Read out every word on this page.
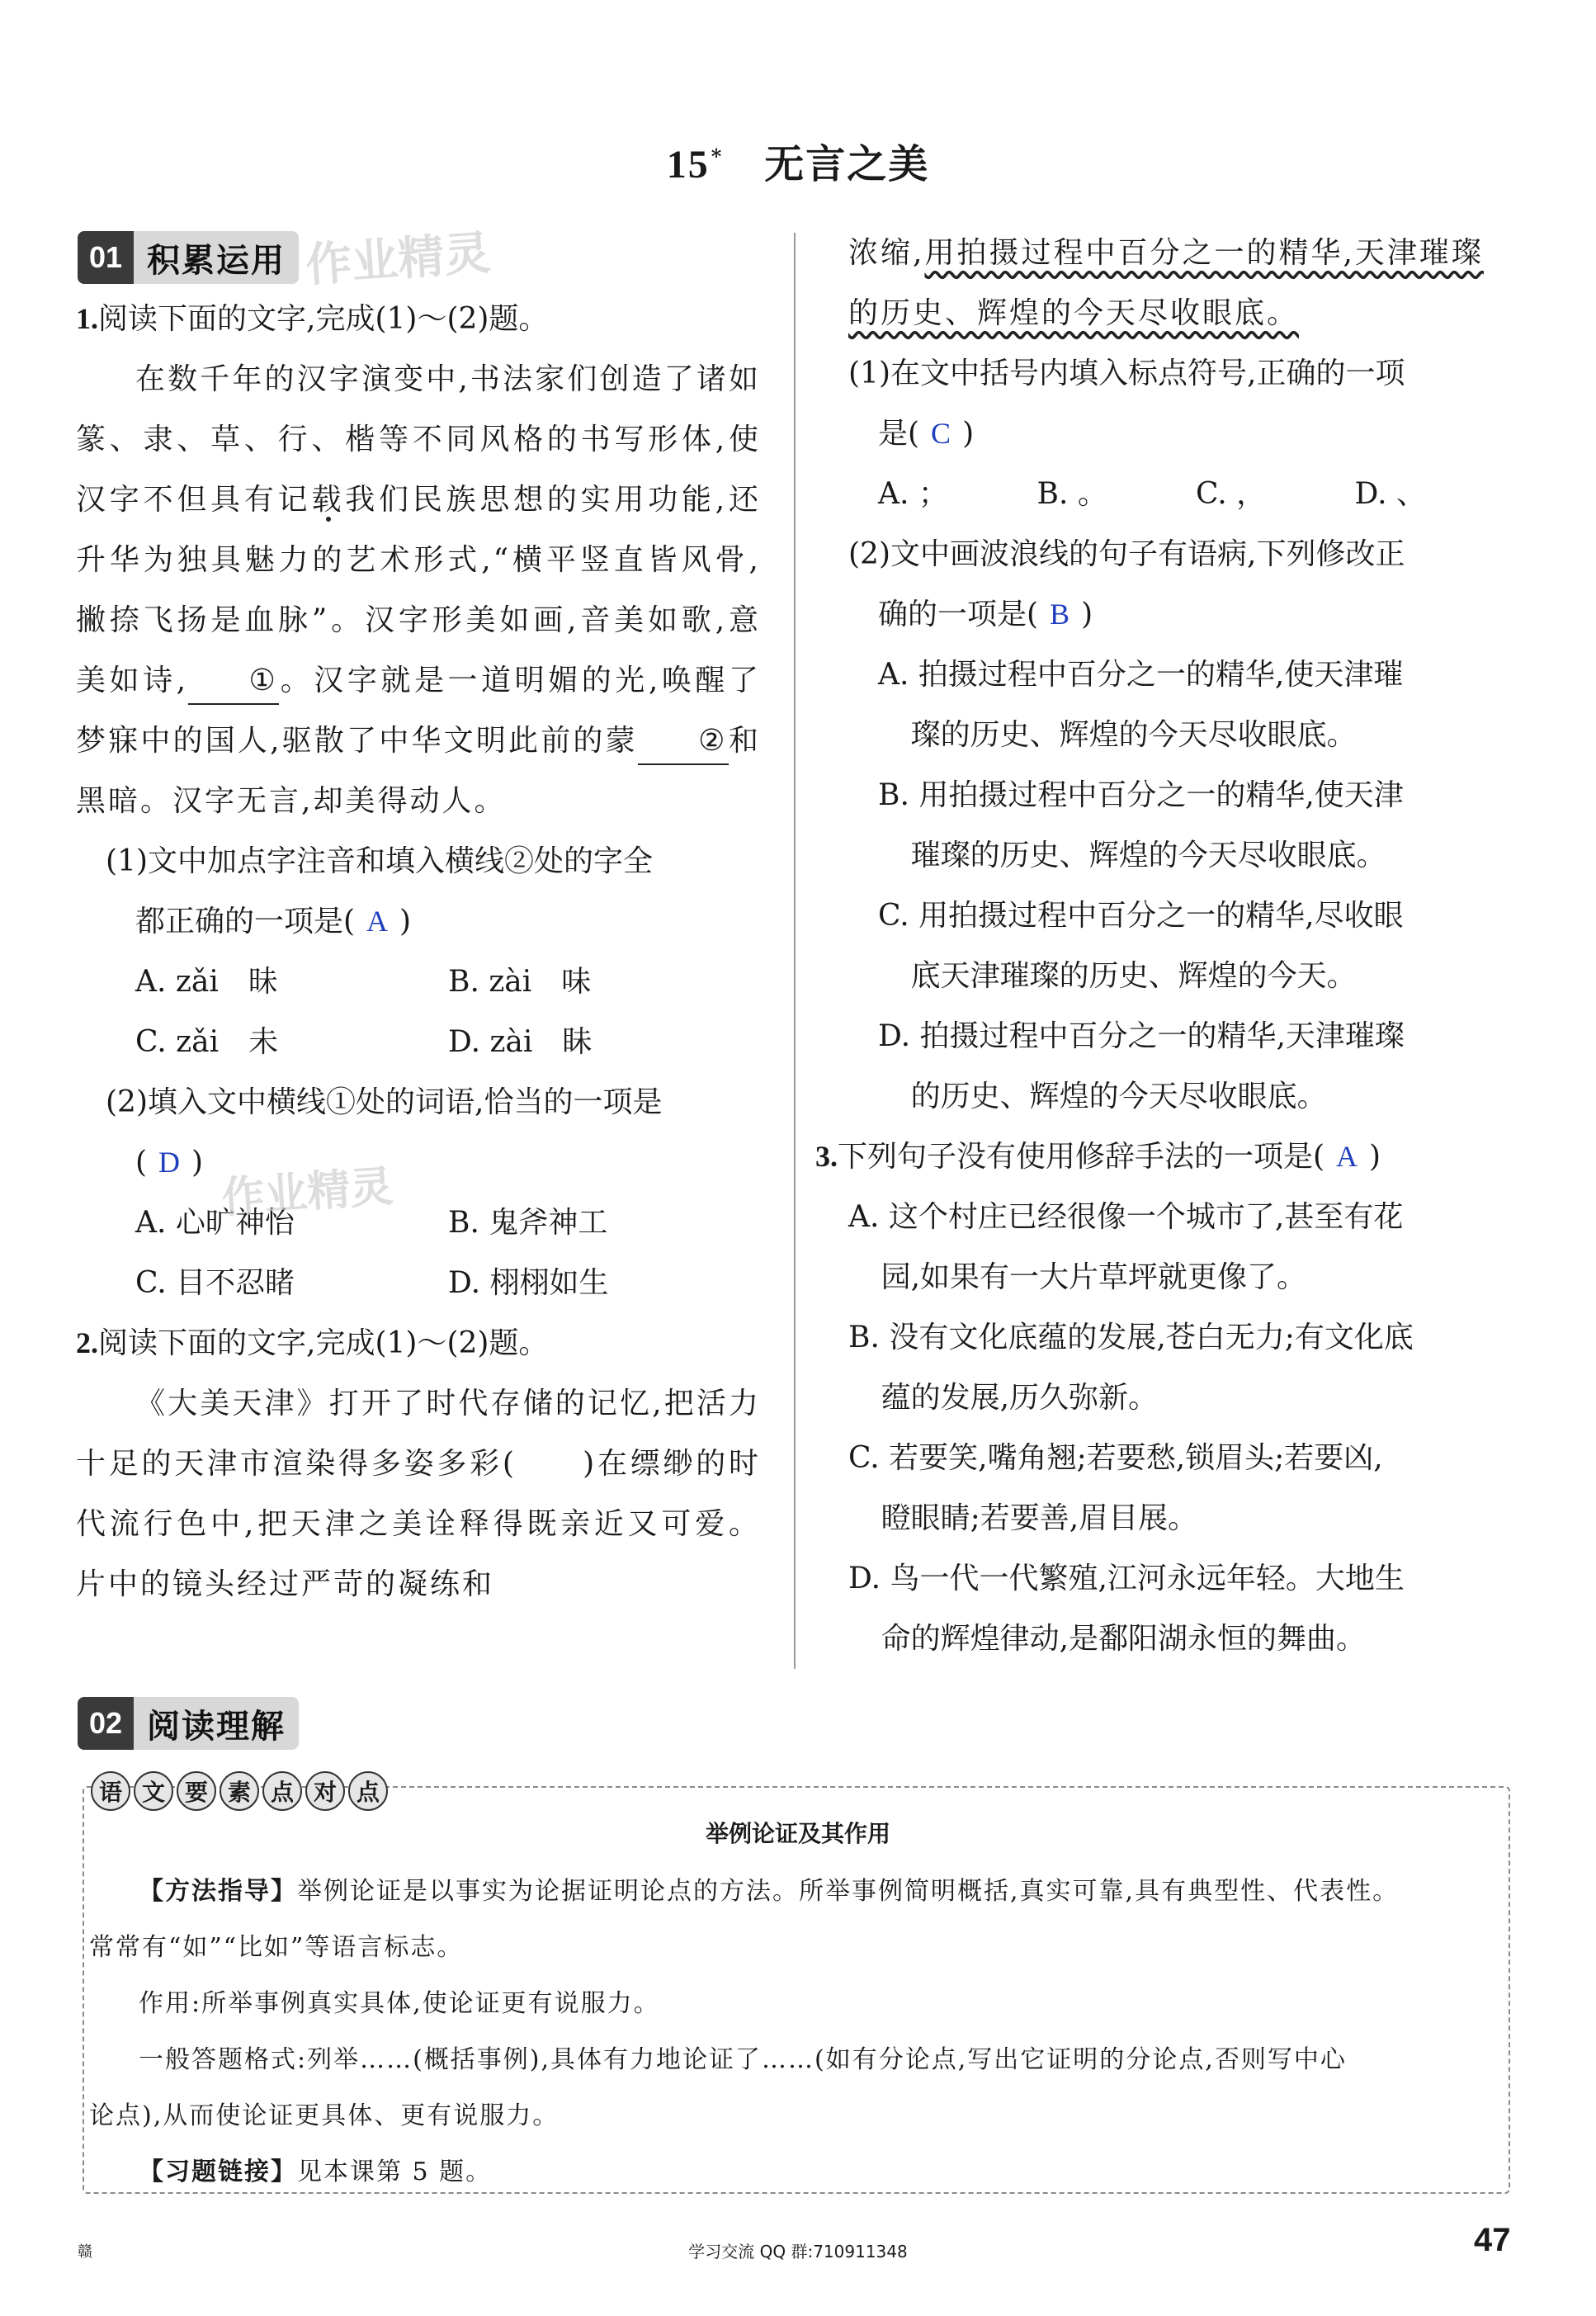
15* 无言之美
01 积累运用 作业精灵

1.阅读下面的文字,完成(1)～(2)题。

在数千年的汉字演变中,书法家们创造了诸如篆、隶、草、行、楷等不同风格的书写形体,使汉字不但具有记载我们民族思想的实用功能,还升华为独具魅力的艺术形式,“横平竖直皆风骨,撇捺飞扬是血脉”。汉字形美如画,音美如歌,意美如诗, ①。汉字就是一道明媚的光,唤醒了梦寐中的国人,驱散了中华文明此前的蒙 ②和黑暗。汉字无言,却美得动人。

(1)文中加点字注音和填入横线②处的字全

都正确的一项是( A )

A. zǎi　昧	B. zài　味
C. zǎi　未	D. zài　眛

(2)填入文中横线①处的词语,恰当的一项是

( D )

A. 心旷神怡	B. 鬼斧神工
C. 目不忍睹	D. 栩栩如生

2.阅读下面的文字,完成(1)～(2)题。

《大美天津》打开了时代存储的记忆,把活力十足的天津市渲染得多姿多彩(　　)在缥缈的时代流行色中,把天津之美诠释得既亲近又可爱。片中的镜头经过严苛的凝练和

作业精灵

浓缩,用拍摄过程中百分之一的精华,天津璀璨的历史、辉煌的今天尽收眼底。

(1)在文中括号内填入标点符号,正确的一项

是( C )

A. ；	B. 。	C. ，	D. 、

(2)文中画波浪线的句子有语病,下列修改正

确的一项是( B )

A. 拍摄过程中百分之一的精华,使天津璀

璨的历史、辉煌的今天尽收眼底。

B. 用拍摄过程中百分之一的精华,使天津

璀璨的历史、辉煌的今天尽收眼底。

C. 用拍摄过程中百分之一的精华,尽收眼

底天津璀璨的历史、辉煌的今天。

D. 拍摄过程中百分之一的精华,天津璀璨

的历史、辉煌的今天尽收眼底。

3.下列句子没有使用修辞手法的一项是( A )

A. 这个村庄已经很像一个城市了,甚至有花

园,如果有一大片草坪就更像了。

B. 没有文化底蕴的发展,苍白无力;有文化底

蕴的发展,历久弥新。

C. 若要笑,嘴角翘;若要愁,锁眉头;若要凶,

瞪眼睛;若要善,眉目展。

D. 鸟一代一代繁殖,江河永远年轻。大地生

命的辉煌律动,是鄱阳湖永恒的舞曲。

02 阅读理解
语 文 要 素 点 对 点
举例论证及其作用

【方法指导】举例论证是以事实为论据证明论点的方法。所举事例简明概括,真实可靠,具有典型性、代表性。

常常有“如”“比如”等语言标志。

作用:所举事例真实具体,使论证更有说服力。

一般答题格式:列举……(概括事例),具体有力地论证了……(如有分论点,写出它证明的分论点,否则写中心

论点),从而使论证更具体、更有说服力。

【习题链接】见本课第 5 题。

赣	学习交流 QQ 群:710911348	47
